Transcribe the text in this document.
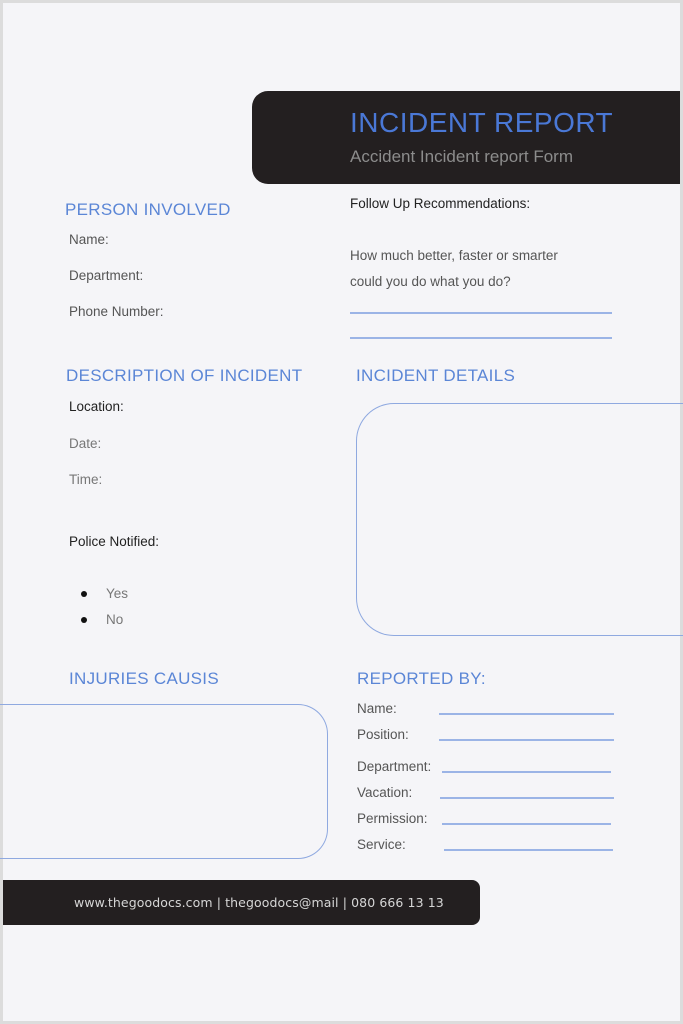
INCIDENT REPORT
Accident Incident report Form
PERSON INVOLVED
Name:
Department:
Phone Number:
Follow Up Recommendations:
How much better, faster or smarter
could you do what you do?
DESCRIPTION OF INCIDENT
Location:
Date:
Time:
Police Notified:
Yes
No
INCIDENT DETAILS
INJURIES CAUSIS	REPORTED BY:
Name:
Position:
Department:
Vacation:
Permission:
Service:
www.thegoodocs.com | thegoodocs@mail | 080 666 13 13
